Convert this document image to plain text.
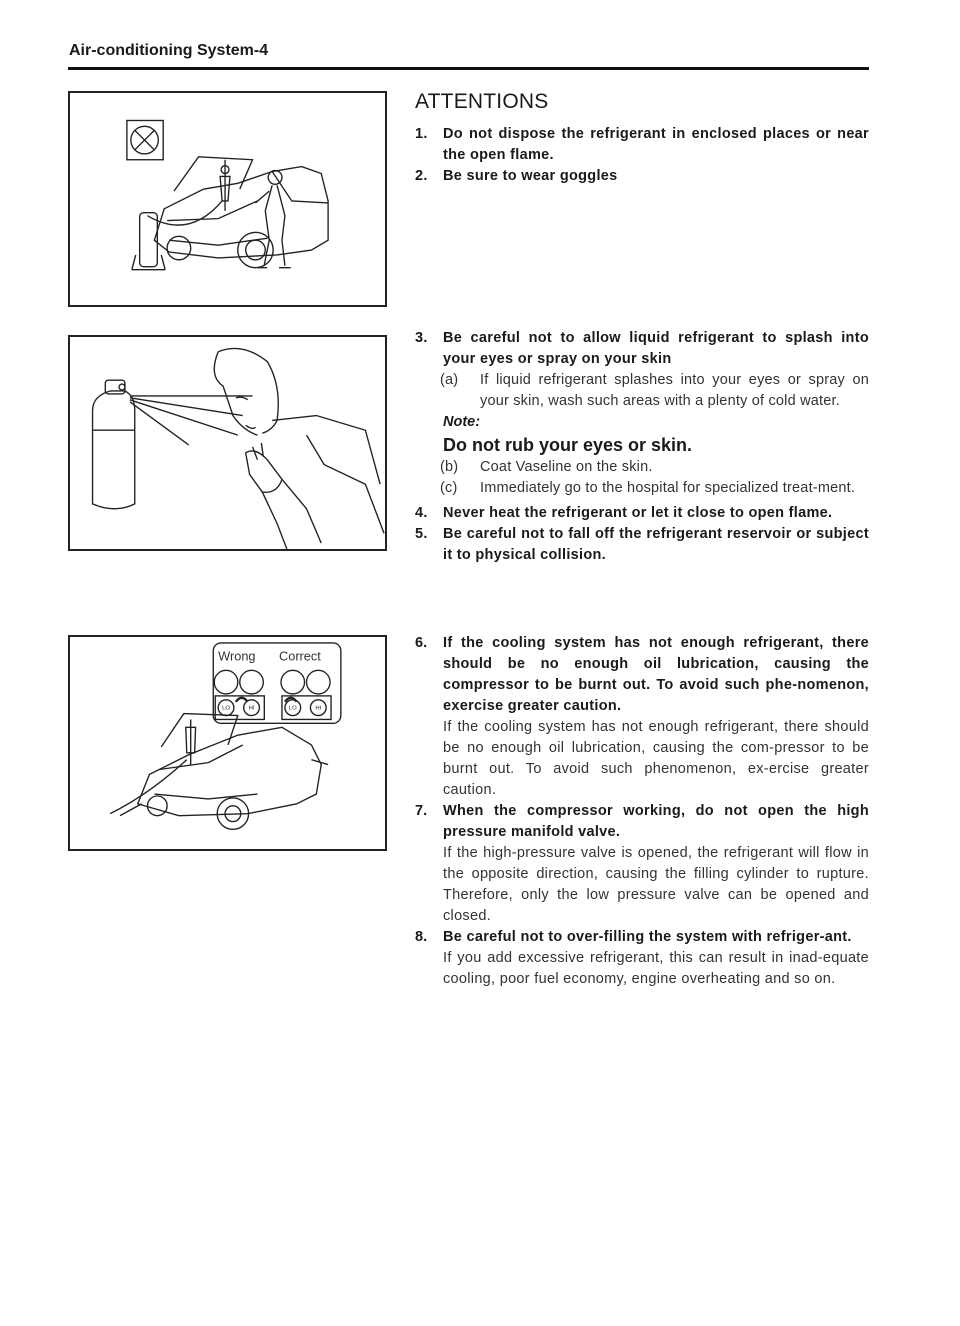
Air-conditioning System-4
Wrong Correct
LO	HI	LO	HI
ATTENTIONS
1. Do not dispose the refrigerant in enclosed places or near the open flame.
2. Be sure to wear goggles
3. Be careful not to allow liquid refrigerant to splash into your eyes or spray on your skin
(a)	If liquid refrigerant splashes into your eyes or spray on your skin, wash such areas with a plenty of cold water.
Note:
Do not rub your eyes or skin.
(b)	Coat Vaseline on the skin.
(c)	Immediately go to the hospital for specialized treat-ment.
4. Never heat the refrigerant or let it close to open flame.
5. Be careful not to fall off the refrigerant reservoir or subject it to physical collision.
6. If the cooling system has not enough refrigerant, there should be no enough oil lubrication, causing the compressor to be burnt out. To avoid such phe-nomenon, exercise greater caution.
If the cooling system has not enough refrigerant, there should be no enough oil lubrication, causing the com-pressor to be burnt out. To avoid such phenomenon, ex-ercise greater caution.
7. When the compressor working, do not open the high pressure manifold valve.
If the high-pressure valve is opened, the refrigerant will flow in the opposite direction, causing the filling cylinder to rupture. Therefore, only the low pressure valve can be opened and closed.
8. Be careful not to over-filling the system with refriger-ant.
If you add excessive refrigerant, this can result in inad-equate cooling, poor fuel economy, engine overheating and so on.
